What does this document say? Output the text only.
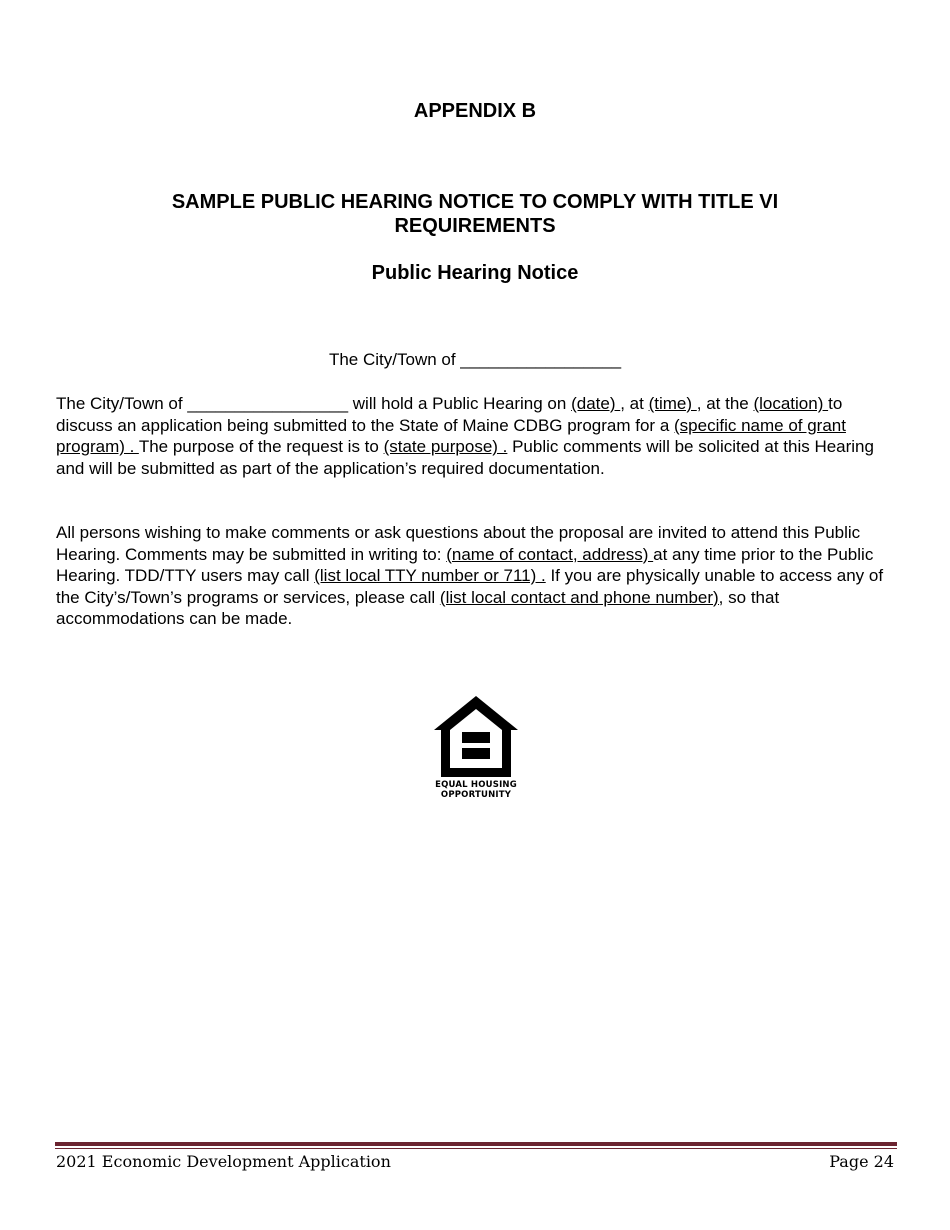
APPENDIX B
SAMPLE PUBLIC HEARING NOTICE TO COMPLY WITH TITLE VI REQUIREMENTS
Public Hearing Notice
The City/Town of _________________
The City/Town of _________________ will hold a Public Hearing on (date) , at (time) , at the (location) to discuss an application being submitted to the State of Maine CDBG program for a (specific name of grant program) . The purpose of the request is to (state purpose) . Public comments will be solicited at this Hearing and will be submitted as part of the application’s required documentation.
All persons wishing to make comments or ask questions about the proposal are invited to attend this Public Hearing. Comments may be submitted in writing to: (name of contact, address) at any time prior to the Public Hearing. TDD/TTY users may call (list local TTY number or 711) . If you are physically unable to access any of the City’s/Town’s programs or services, please call (list local contact and phone number), so that accommodations can be made.
EQUAL HOUSING
OPPORTUNITY
2021 Economic Development Application	Page 24
